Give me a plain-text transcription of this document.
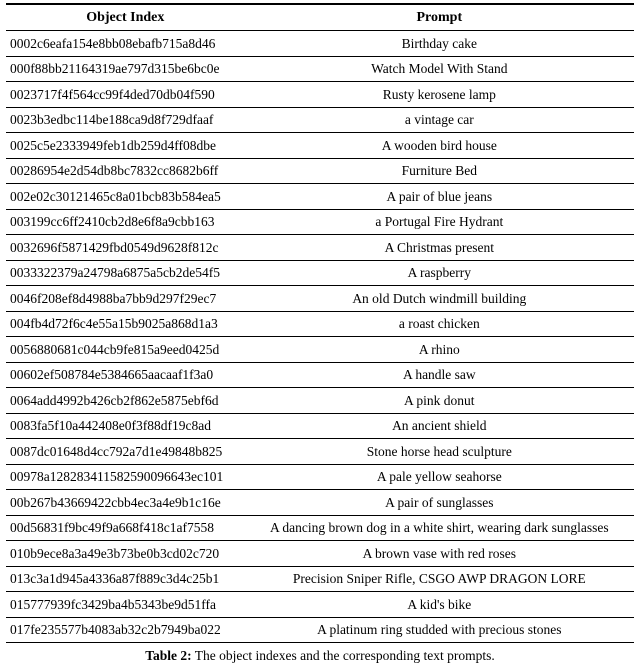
Object Index	Prompt
0002c6eafa154e8bb08ebafb715a8d46	Birthday cake
000f88bb21164319ae797d315be6bc0e	Watch Model With Stand
0023717f4f564cc99f4ded70db04f590	Rusty kerosene lamp
0023b3edbc114be188ca9d8f729dfaaf	a vintage car
0025c5e2333949feb1db259d4ff08dbe	A wooden bird house
00286954e2d54db8bc7832cc8682b6ff	Furniture Bed
002e02c30121465c8a01bcb83b584ea5	A pair of blue jeans
003199cc6ff2410cb2d8e6f8a9cbb163	a Portugal Fire Hydrant
0032696f5871429fbd0549d9628f812c	A Christmas present
0033322379a24798a6875a5cb2de54f5	A raspberry
0046f208ef8d4988ba7bb9d297f29ec7	An old Dutch windmill building
004fb4d72f6c4e55a15b9025a868d1a3	a roast chicken
0056880681c044cb9fe815a9eed0425d	A rhino
00602ef508784e5384665aacaaf1f3a0	A handle saw
0064add4992b426cb2f862e5875ebf6d	A pink donut
0083fa5f10a442408e0f3f88df19c8ad	An ancient shield
0087dc01648d4cc792a7d1e49848b825	Stone horse head sculpture
00978a128283411582590096643ec101	A pale yellow seahorse
00b267b43669422cbb4ec3a4e9b1c16e	A pair of sunglasses
00d56831f9bc49f9a668f418c1af7558	A dancing brown dog in a white shirt, wearing dark sunglasses
010b9ece8a3a49e3b73be0b3cd02c720	A brown vase with red roses
013c3a1d945a4336a87f889c3d4c25b1	Precision Sniper Rifle, CSGO AWP DRAGON LORE
015777939fc3429ba4b5343be9d51ffa	A kid's bike
017fe235577b4083ab32c2b7949ba022	A platinum ring studded with precious stones
Table 2: The object indexes and the corresponding text prompts.
